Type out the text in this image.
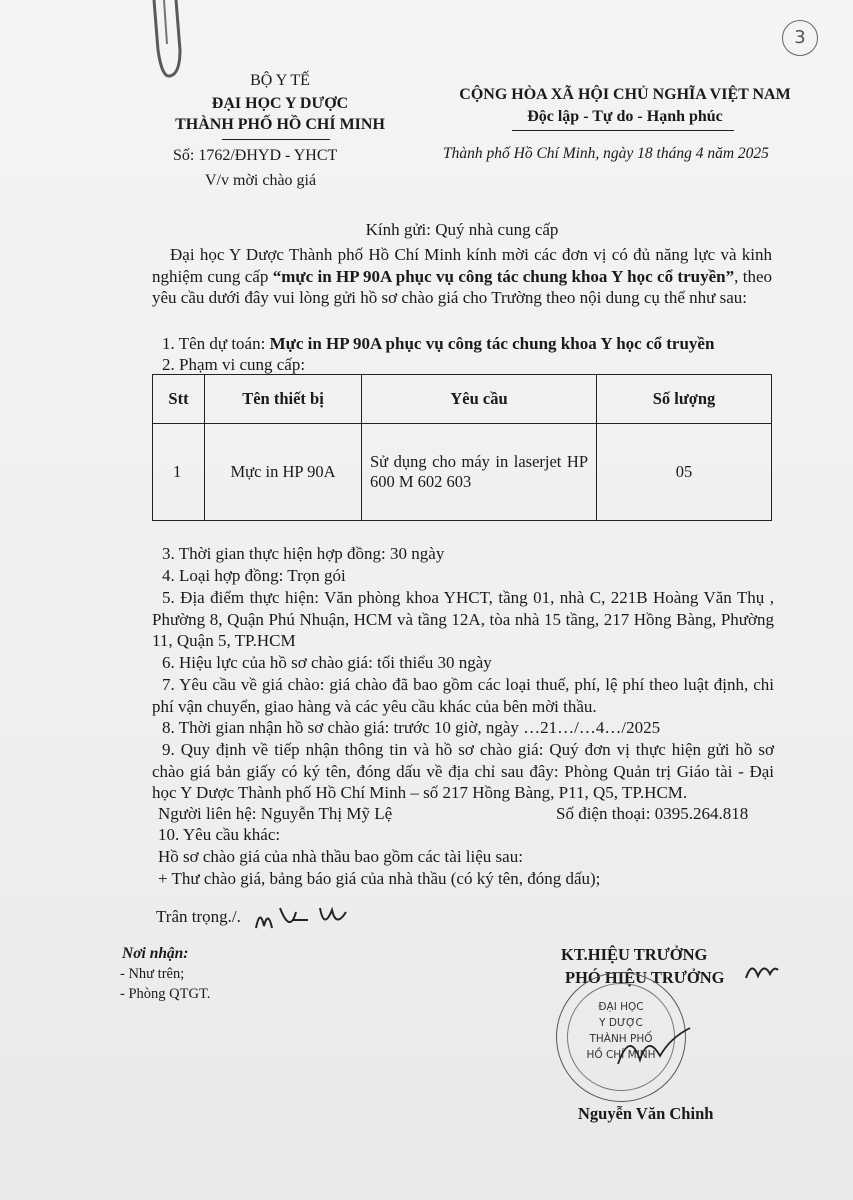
3
BỘ Y TẾ
ĐẠI HỌC Y DƯỢC
THÀNH PHỐ HỒ CHÍ MINH
Số: 1762/ĐHYD - YHCT
V/v mời chào giá
CỘNG HÒA XÃ HỘI CHỦ NGHĨA VIỆT NAM
Độc lập - Tự do - Hạnh phúc
Thành phố Hồ Chí Minh, ngày 18 tháng 4 năm 2025
Kính gửi: Quý nhà cung cấp
Đại học Y Dược Thành phố Hồ Chí Minh kính mời các đơn vị có đủ năng lực và kinh nghiệm cung cấp “mực in HP 90A phục vụ công tác chung khoa Y học cổ truyền”, theo yêu cầu dưới đây vui lòng gửi hồ sơ chào giá cho Trường theo nội dung cụ thể như sau:
1. Tên dự toán: Mực in HP 90A phục vụ công tác chung khoa Y học cổ truyền
2. Phạm vi cung cấp:
Stt	Tên thiết bị	Yêu cầu	Số lượng
1	Mực in HP 90A	Sử dụng cho máy in laserjet HP 600 M 602 603	05
3. Thời gian thực hiện hợp đồng: 30 ngày
4. Loại hợp đồng: Trọn gói
5. Địa điểm thực hiện: Văn phòng khoa YHCT, tầng 01, nhà C, 221B Hoàng Văn Thụ , Phường 8, Quận Phú Nhuận, HCM và tầng 12A, tòa nhà 15 tầng, 217 Hồng Bàng, Phường 11, Quận 5, TP.HCM
6. Hiệu lực của hồ sơ chào giá: tối thiểu 30 ngày
7. Yêu cầu về giá chào: giá chào đã bao gồm các loại thuế, phí, lệ phí theo luật định, chi phí vận chuyển, giao hàng và các yêu cầu khác của bên mời thầu.
8. Thời gian nhận hồ sơ chào giá: trước 10 giờ, ngày …21…/…4…/2025
9. Quy định về tiếp nhận thông tin và hồ sơ chào giá: Quý đơn vị thực hiện gửi hồ sơ chào giá bản giấy có ký tên, đóng dấu về địa chỉ sau đây: Phòng Quản trị Giáo tài - Đại học Y Dược Thành phố Hồ Chí Minh – số 217 Hồng Bàng, P11, Q5, TP.HCM.
Người liên hệ: Nguyễn Thị Mỹ Lệ	Số điện thoại: 0395.264.818
10. Yêu cầu khác:
Hồ sơ chào giá của nhà thầu bao gồm các tài liệu sau:
+ Thư chào giá, bảng báo giá của nhà thầu (có ký tên, đóng dấu);
Trân trọng./.
Nơi nhận:
- Như trên;
- Phòng QTGT.
KT.HIỆU TRƯỞNG
PHÓ HIỆU TRƯỞNG
ĐẠI HỌC
Y DƯỢC
THÀNH PHỐ
HỒ CHÍ MINH
Nguyễn Văn Chinh
